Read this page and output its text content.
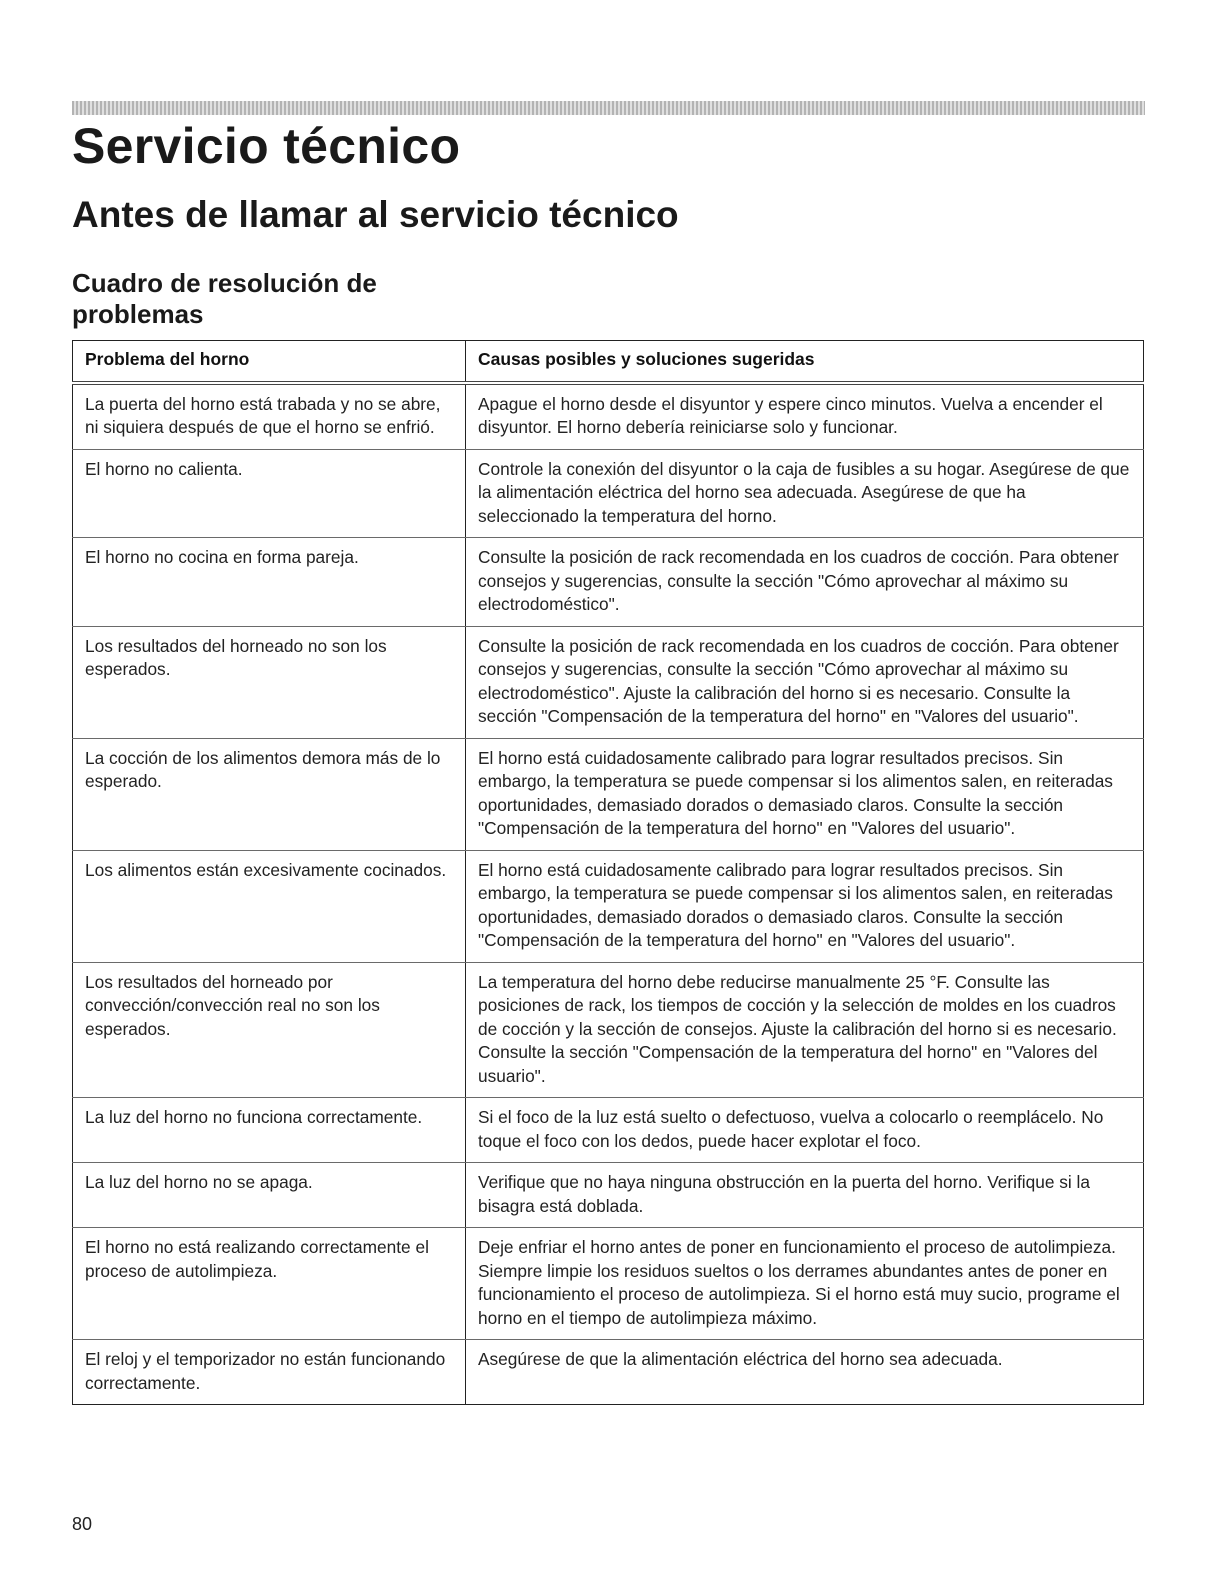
Servicio técnico
Antes de llamar al servicio técnico
Cuadro de resolución de problemas
Problema del horno	Causas posibles y soluciones sugeridas
La puerta del horno está trabada y no se abre, ni siquiera después de que el horno se enfrió.	Apague el horno desde el disyuntor y espere cinco minutos. Vuelva a encender el disyuntor. El horno debería reiniciarse solo y funcionar.
El horno no calienta.	Controle la conexión del disyuntor o la caja de fusibles a su hogar. Asegúrese de que la alimentación eléctrica del horno sea adecuada. Asegúrese de que ha seleccionado la temperatura del horno.
El horno no cocina en forma pareja.	Consulte la posición de rack recomendada en los cuadros de cocción. Para obtener consejos y sugerencias, consulte la sección "Cómo aprovechar al máximo su electrodoméstico".
Los resultados del horneado no son los esperados.	Consulte la posición de rack recomendada en los cuadros de cocción. Para obtener consejos y sugerencias, consulte la sección "Cómo aprovechar al máximo su electrodoméstico". Ajuste la calibración del horno si es necesario. Consulte la sección "Compensación de la temperatura del horno" en "Valores del usuario".
La cocción de los alimentos demora más de lo esperado.	El horno está cuidadosamente calibrado para lograr resultados precisos. Sin embargo, la temperatura se puede compensar si los alimentos salen, en reiteradas oportunidades, demasiado dorados o demasiado claros. Consulte la sección "Compensación de la temperatura del horno" en "Valores del usuario".
Los alimentos están excesivamente cocinados.	El horno está cuidadosamente calibrado para lograr resultados precisos. Sin embargo, la temperatura se puede compensar si los alimentos salen, en reiteradas oportunidades, demasiado dorados o demasiado claros. Consulte la sección "Compensación de la temperatura del horno" en "Valores del usuario".
Los resultados del horneado por convección/convección real no son los esperados.	La temperatura del horno debe reducirse manualmente 25 °F. Consulte las posiciones de rack, los tiempos de cocción y la selección de moldes en los cuadros de cocción y la sección de consejos. Ajuste la calibración del horno si es necesario. Consulte la sección "Compensación de la temperatura del horno" en "Valores del usuario".
La luz del horno no funciona correctamente.	Si el foco de la luz está suelto o defectuoso, vuelva a colocarlo o reemplácelo. No toque el foco con los dedos, puede hacer explotar el foco.
La luz del horno no se apaga.	Verifique que no haya ninguna obstrucción en la puerta del horno. Verifique si la bisagra está doblada.
El horno no está realizando correctamente el proceso de autolimpieza.	Deje enfriar el horno antes de poner en funcionamiento el proceso de autolimpieza. Siempre limpie los residuos sueltos o los derrames abundantes antes de poner en funcionamiento el proceso de autolimpieza. Si el horno está muy sucio, programe el horno en el tiempo de autolimpieza máximo.
El reloj y el temporizador no están funcionando correctamente.	Asegúrese de que la alimentación eléctrica del horno sea adecuada.
80
